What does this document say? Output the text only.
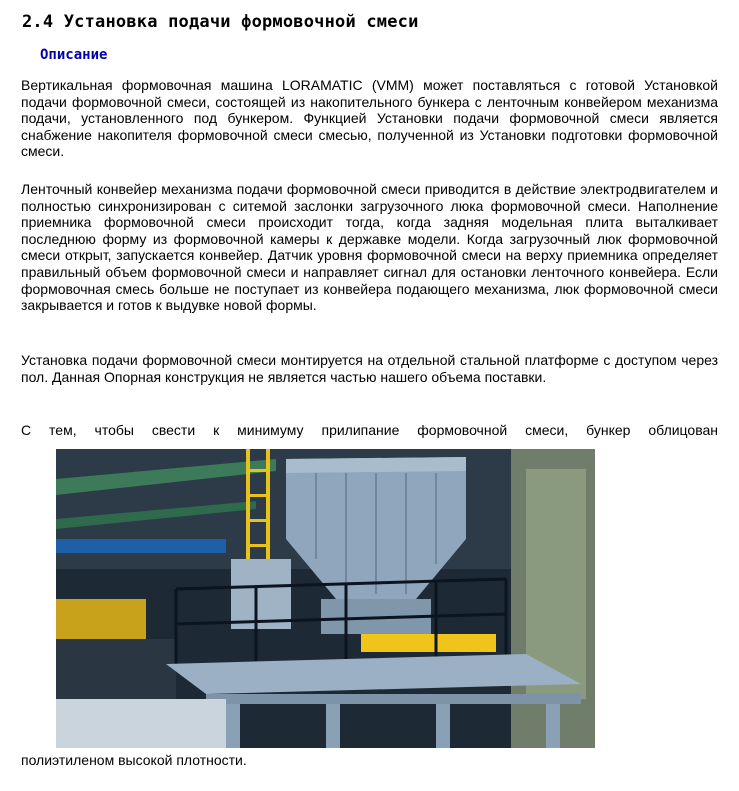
2.4 Установка подачи формовочной смеси
Описание

Вертикальная формовочная машина LORAMATIC (VMM) может поставляться с готовой Установкой подачи формовочной смеси, состоящей из накопительного бункера с ленточным конвейером механизма подачи, установленного под бункером. Функцией Установки подачи формовочной смеси является снабжение накопителя формовочной смеси смесью, полученной из Установки подготовки формовочной смеси.

Ленточный конвейер механизма подачи формовочной смеси приводится в действие электродвигателем и полностью синхронизирован с ситемой заслонки загрузочного люка формовочной смеси. Наполнение приемника формовочной смеси происходит тогда, когда задняя модельная плита выталкивает последнюю форму из формовочной камеры к державке модели. Когда загрузочный люк формовочной смеси открыт, запускается конвейер. Датчик уровня формовочной смеси на верху приемника определяет правильный объем формовочной смеси и направляет сигнал для остановки ленточного конвейера. Если формовочная смесь больше не поступает из конвейера подающего механизма, люк формовочной смеси закрывается и готов к выдувке новой формы.

Установка подачи формовочной смеси монтируется на отдельной стальной платформе с доступом через пол. Данная Опорная конструкция не является частью нашего объема поставки.

С тем, чтобы свести к минимуму прилипание формовочной смеси, бункер облицован

полиэтиленом высокой плотности.
